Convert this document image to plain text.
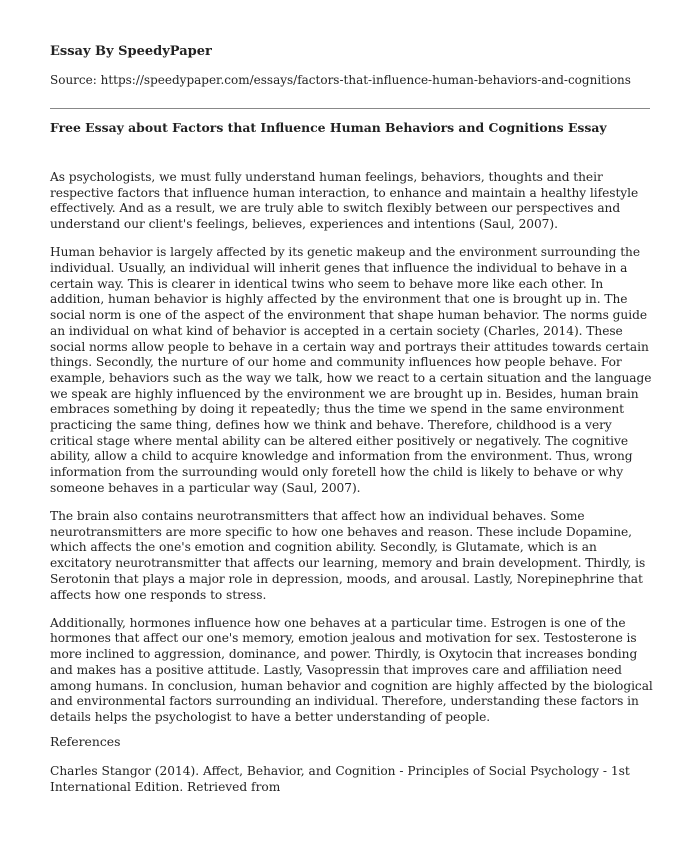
Essay By SpeedyPaper

Source: https://speedypaper.com/essays/factors-that-influence-human-behaviors-and-cognitions
Free Essay about Factors that Influence Human Behaviors and Cognitions Essay

As psychologists, we must fully understand human feelings, behaviors, thoughts and their respective factors that influence human interaction, to enhance and maintain a healthy lifestyle effectively. And as a result, we are truly able to switch flexibly between our perspectives and understand our client's feelings, believes, experiences and intentions (Saul, 2007).

Human behavior is largely affected by its genetic makeup and the environment surrounding the individual. Usually, an individual will inherit genes that influence the individual to behave in a certain way. This is clearer in identical twins who seem to behave more like each other. In addition, human behavior is highly affected by the environment that one is brought up in. The social norm is one of the aspect of the environment that shape human behavior. The norms guide an individual on what kind of behavior is accepted in a certain society (Charles, 2014). These social norms allow people to behave in a certain way and portrays their attitudes towards certain things. Secondly, the nurture of our home and community influences how people behave. For example, behaviors such as the way we talk, how we react to a certain situation and the language we speak are highly influenced by the environment we are brought up in. Besides, human brain embraces something by doing it repeatedly; thus the time we spend in the same environment practicing the same thing, defines how we think and behave. Therefore, childhood is a very critical stage where mental ability can be altered either positively or negatively. The cognitive ability, allow a child to acquire knowledge and information from the environment. Thus, wrong information from the surrounding would only foretell how the child is likely to behave or why someone behaves in a particular way (Saul, 2007).

The brain also contains neurotransmitters that affect how an individual behaves. Some neurotransmitters are more specific to how one behaves and reason. These include Dopamine, which affects the one's emotion and cognition ability. Secondly, is Glutamate, which is an excitatory neurotransmitter that affects our learning, memory and brain development. Thirdly, is Serotonin that plays a major role in depression, moods, and arousal. Lastly, Norepinephrine that affects how one responds to stress.

Additionally, hormones influence how one behaves at a particular time. Estrogen is one of the hormones that affect our one's memory, emotion jealous and motivation for sex. Testosterone is more inclined to aggression, dominance, and power. Thirdly, is Oxytocin that increases bonding and makes has a positive attitude. Lastly, Vasopressin that improves care and affiliation need among humans. In conclusion, human behavior and cognition are highly affected by the biological and environmental factors surrounding an individual. Therefore, understanding these factors in details helps the psychologist to have a better understanding of people.

References

Charles Stangor (2014). Affect, Behavior, and Cognition - Principles of Social Psychology - 1st International Edition. Retrieved from
